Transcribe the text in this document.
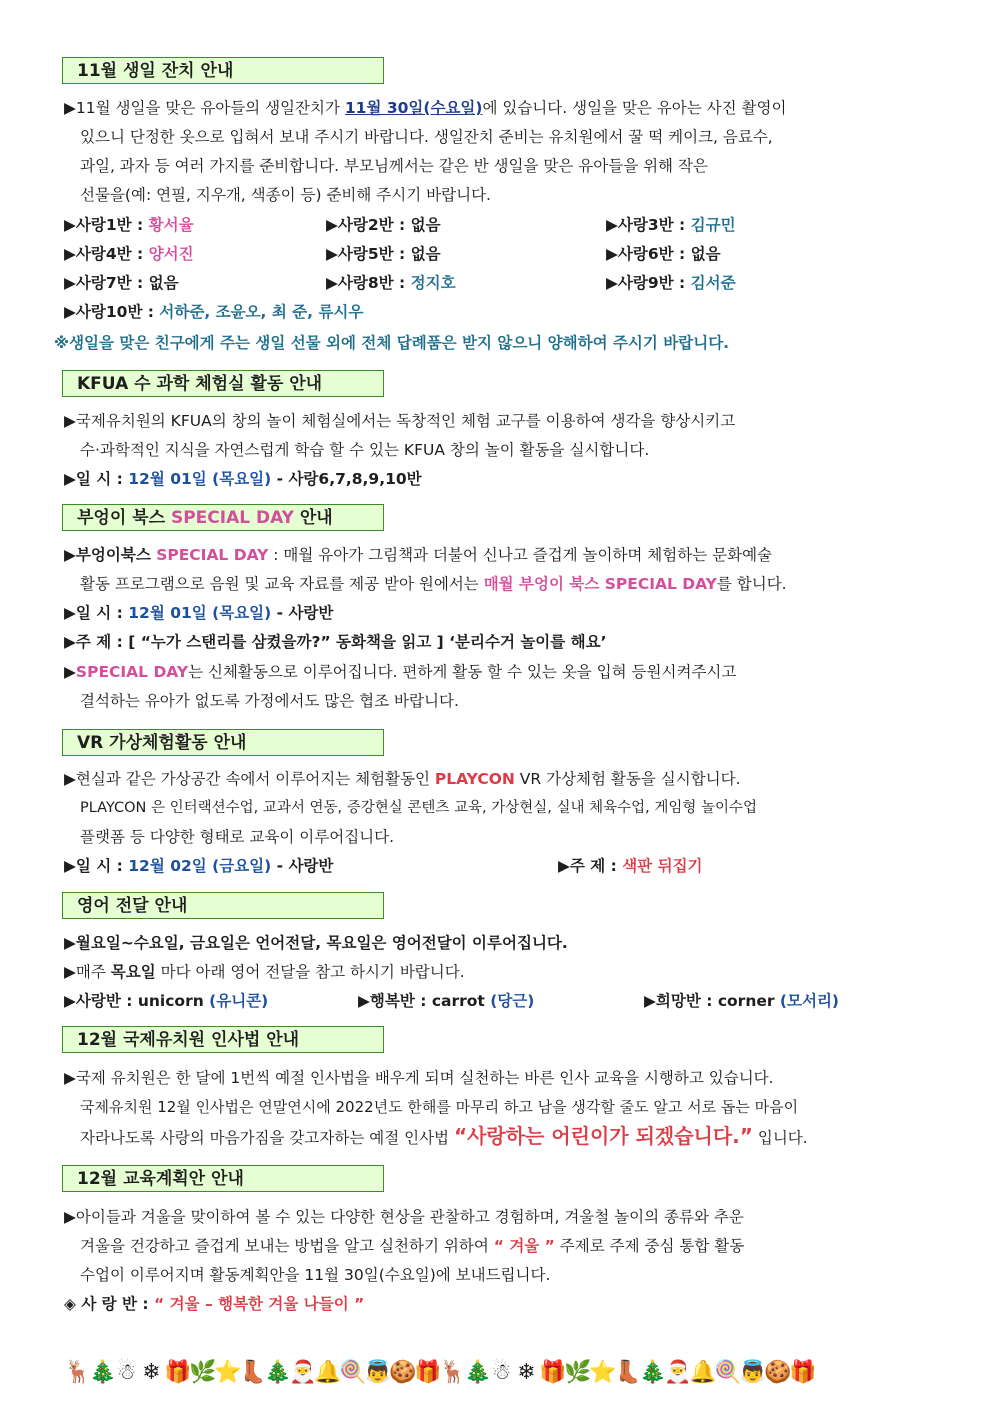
11월 생일 잔치 안내
▶11월 생일을 맞은 유아들의 생일잔치가 11월 30일(수요일)에 있습니다. 생일을 맞은 유아는 사진 촬영이
있으니 단정한 옷으로 입혀서 보내 주시기 바랍니다. 생일잔치 준비는 유치원에서 꿀 떡 케이크, 음료수,
과일, 과자 등 여러 가지를 준비합니다. 부모님께서는 같은 반 생일을 맞은 유아들을 위해 작은
선물을(예: 연필, 지우개, 색종이 등) 준비해 주시기 바랍니다.
▶사랑1반 : 황서율	▶사랑2반 : 없음	▶사랑3반 : 김규민
▶사랑4반 : 양서진	▶사랑5반 : 없음	▶사랑6반 : 없음
▶사랑7반 : 없음	▶사랑8반 : 정지호	▶사랑9반 : 김서준
▶사랑10반 : 서하준, 조윤오, 최 준, 류시우
※생일을 맞은 친구에게 주는 생일 선물 외에 전체 답례품은 받지 않으니 양해하여 주시기 바랍니다.
KFUA 수 과학 체험실 활동 안내
▶국제유치원의 KFUA의 창의 놀이 체험실에서는 독창적인 체험 교구를 이용하여 생각을 향상시키고
수·과학적인 지식을 자연스럽게 학습 할 수 있는 KFUA 창의 놀이 활동을 실시합니다.
▶일 시 : 12월 01일 (목요일) - 사랑6,7,8,9,10반
부엉이 북스 SPECIAL DAY 안내
▶부엉이북스 SPECIAL DAY : 매월 유아가 그림책과 더불어 신나고 즐겁게 놀이하며 체험하는 문화예술
활동 프로그램으로 음원 및 교육 자료를 제공 받아 원에서는 매월 부엉이 북스 SPECIAL DAY를 합니다.
▶일 시 : 12월 01일 (목요일) - 사랑반
▶주 제 : [ “누가 스탠리를 삼켰을까?” 동화책을 읽고 ] ‘분리수거 놀이를 해요’
▶SPECIAL DAY는 신체활동으로 이루어집니다. 편하게 활동 할 수 있는 옷을 입혀 등원시켜주시고
결석하는 유아가 없도록 가정에서도 많은 협조 바랍니다.
VR 가상체험활동 안내
▶현실과 같은 가상공간 속에서 이루어지는 체험활동인 PLAYCON VR 가상체험 활동을 실시합니다.
PLAYCON 은 인터랙션수업, 교과서 연동, 증강현실 콘텐츠 교육, 가상현실, 실내 체육수업, 게임형 놀이수업
플랫폼 등 다양한 형태로 교육이 이루어집니다.
▶일 시 : 12월 02일 (금요일) - 사랑반	▶주 제 : 색판 뒤집기
영어 전달 안내
▶월요일~수요일, 금요일은 언어전달, 목요일은 영어전달이 이루어집니다.
▶매주 목요일 마다 아래 영어 전달을 참고 하시기 바랍니다.
▶사랑반 : unicorn (유니콘)	▶행복반 : carrot (당근)	▶희망반 : corner (모서리)
12월 국제유치원 인사법 안내
▶국제 유치원은 한 달에 1번씩 예절 인사법을 배우게 되며 실천하는 바른 인사 교육을 시행하고 있습니다.
국제유치원 12월 인사법은 연말연시에 2022년도 한해를 마무리 하고 남을 생각할 줄도 알고 서로 돕는 마음이
자라나도록 사랑의 마음가짐을 갖고자하는 예절 인사법 “사랑하는 어린이가 되겠습니다.” 입니다.
12월 교육계획안 안내
▶아이들과 겨울을 맞이하여 볼 수 있는 다양한 현상을 관찰하고 경험하며, 겨울철 놀이의 종류와 추운
겨울을 건강하고 즐겁게 보내는 방법을 알고 실천하기 위하여 “ 겨울 ” 주제로 주제 중심 통합 활동
수업이 이루어지며 활동계획안을 11월 30일(수요일)에 보내드립니다.
◈ 사 랑 반 : “ 겨울 – 행복한 겨울 나들이 ”
🦌🎄☃ ❄ 🎁🌿⭐👢🎄🎅🔔🍭👼🍪🎁🦌🎄☃ ❄ 🎁🌿⭐👢🎄🎅🔔🍭👼🍪🎁
